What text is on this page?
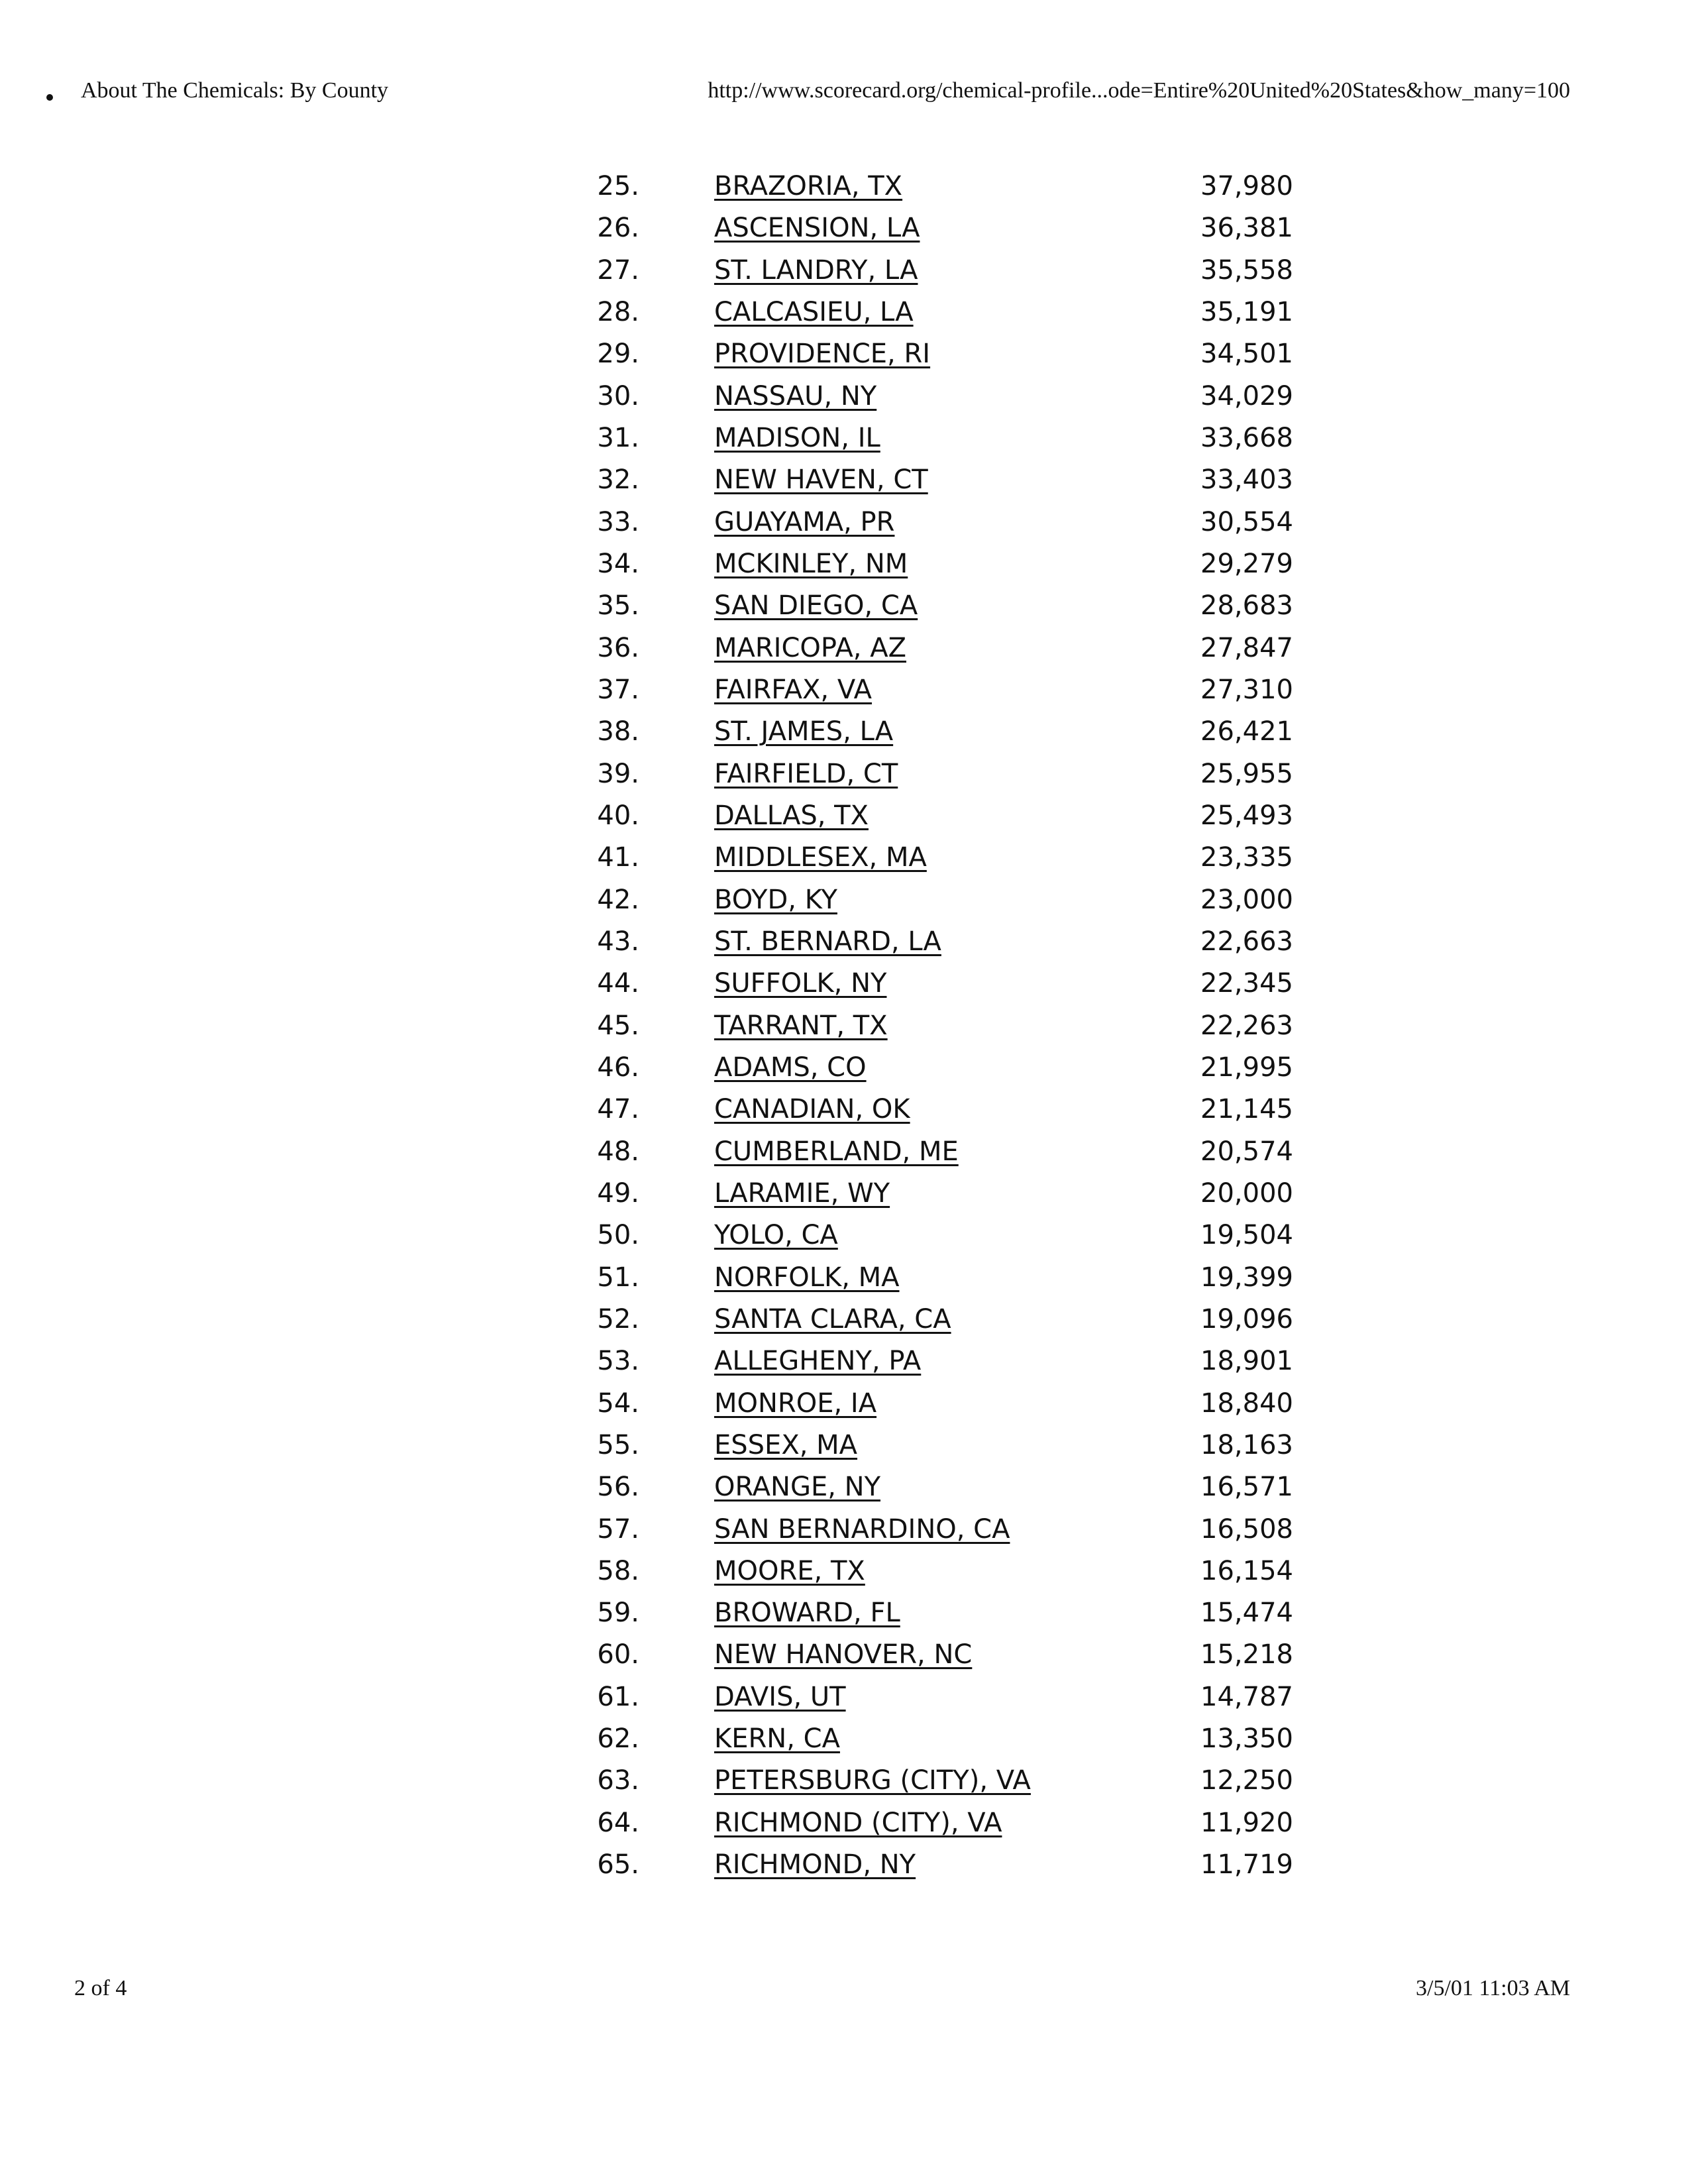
About The Chemicals: By County	http://www.scorecard.org/chemical-profile...ode=Entire%20United%20States&how_many=100
25.	BRAZORIA, TX	37,980
26.	ASCENSION, LA	36,381
27.	ST. LANDRY, LA	35,558
28.	CALCASIEU, LA	35,191
29.	PROVIDENCE, RI	34,501
30.	NASSAU, NY	34,029
31.	MADISON, IL	33,668
32.	NEW HAVEN, CT	33,403
33.	GUAYAMA, PR	30,554
34.	MCKINLEY, NM	29,279
35.	SAN DIEGO, CA	28,683
36.	MARICOPA, AZ	27,847
37.	FAIRFAX, VA	27,310
38.	ST. JAMES, LA	26,421
39.	FAIRFIELD, CT	25,955
40.	DALLAS, TX	25,493
41.	MIDDLESEX, MA	23,335
42.	BOYD, KY	23,000
43.	ST. BERNARD, LA	22,663
44.	SUFFOLK, NY	22,345
45.	TARRANT, TX	22,263
46.	ADAMS, CO	21,995
47.	CANADIAN, OK	21,145
48.	CUMBERLAND, ME	20,574
49.	LARAMIE, WY	20,000
50.	YOLO, CA	19,504
51.	NORFOLK, MA	19,399
52.	SANTA CLARA, CA	19,096
53.	ALLEGHENY, PA	18,901
54.	MONROE, IA	18,840
55.	ESSEX, MA	18,163
56.	ORANGE, NY	16,571
57.	SAN BERNARDINO, CA	16,508
58.	MOORE, TX	16,154
59.	BROWARD, FL	15,474
60.	NEW HANOVER, NC	15,218
61.	DAVIS, UT	14,787
62.	KERN, CA	13,350
63.	PETERSBURG (CITY), VA	12,250
64.	RICHMOND (CITY), VA	11,920
65.	RICHMOND, NY	11,719
2 of 4	3/5/01 11:03 AM
